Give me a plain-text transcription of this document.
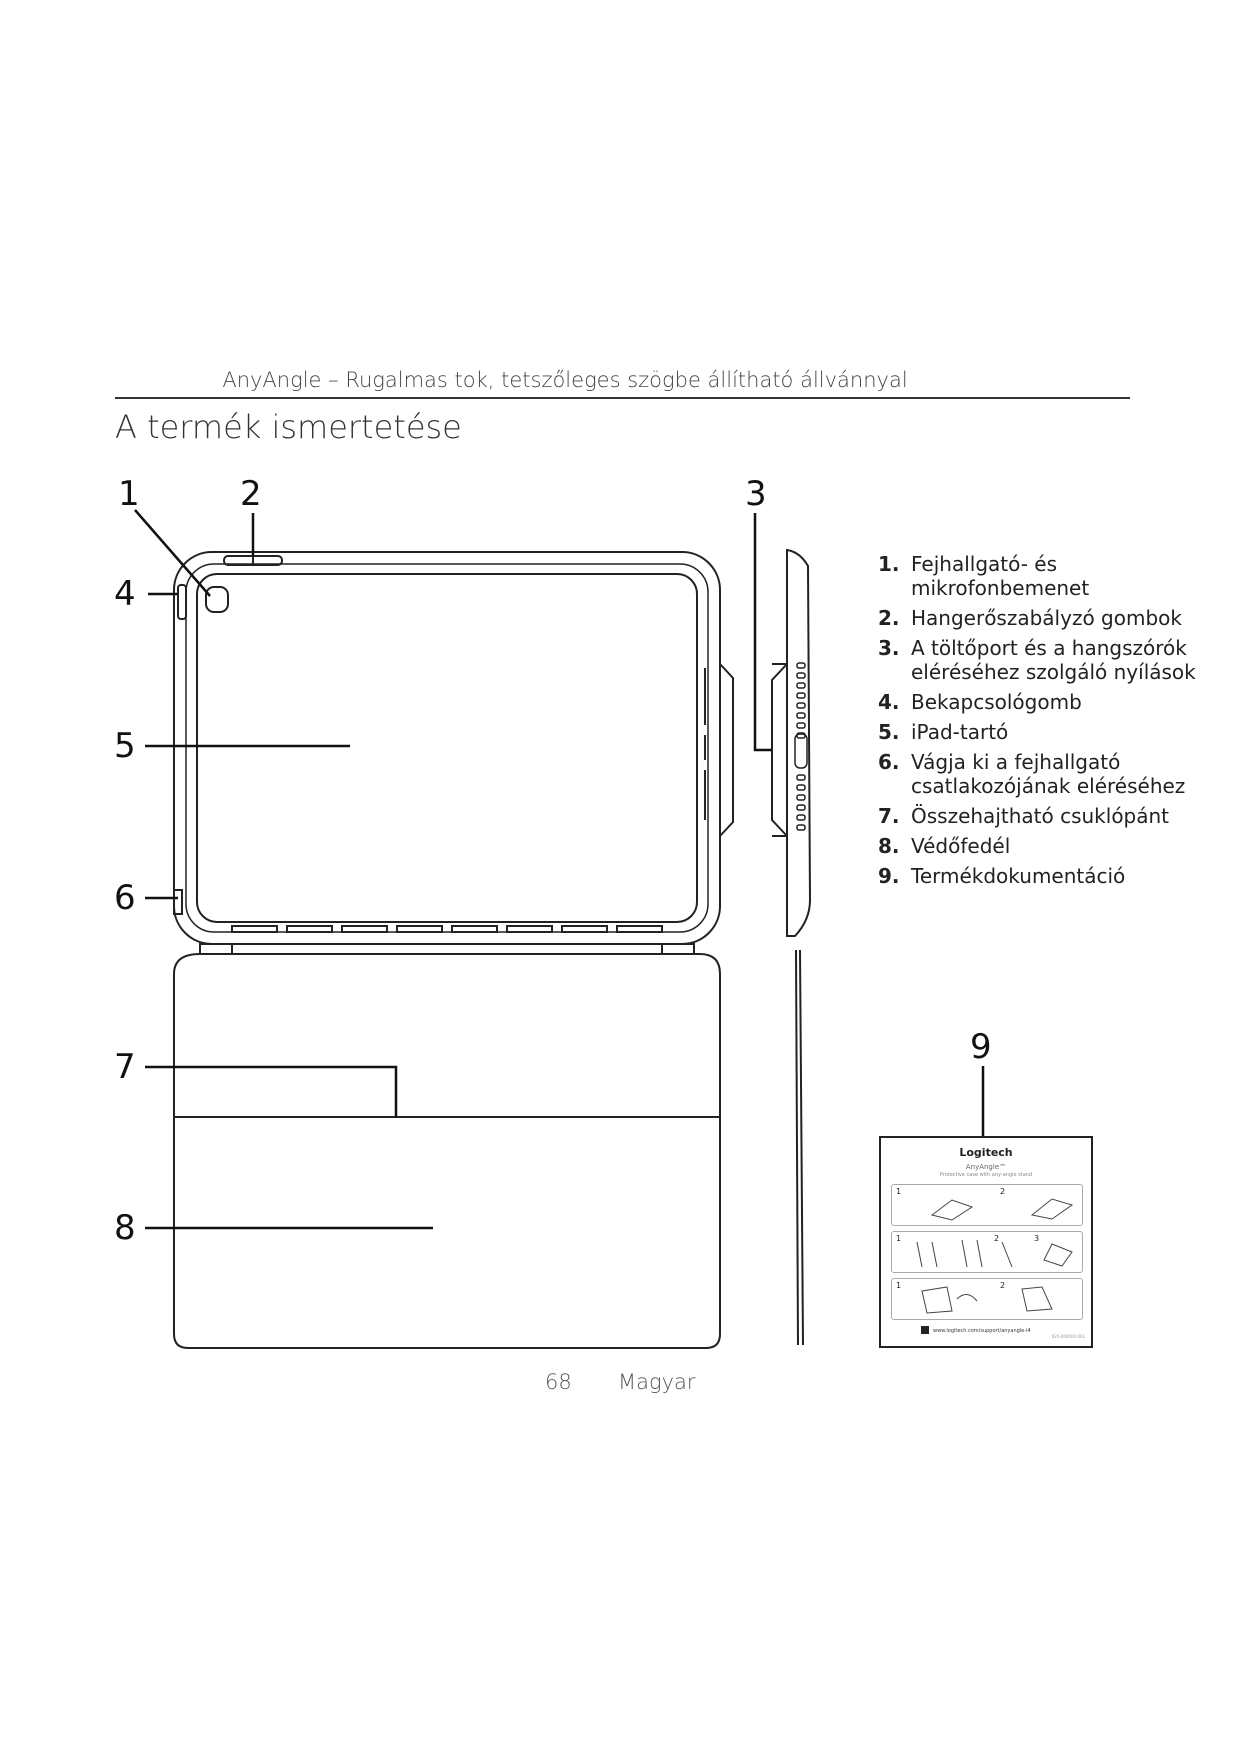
AnyAngle – Rugalmas tok, tetszőleges szögbe állítható állvánnyal
A termék ismertetése
1	2	3
4
5
6
7
8
9
1. Fejhallgató- és mikrofonbemenet
2. Hangerőszabályzó gombok
3. A töltőport és a hangszórók eléréséhez szolgáló nyílások
4. Bekapcsológomb
5. iPad-tartó
6. Vágja ki a fejhallgató csatlakozójának eléréséhez
7. Összehajtható csuklópánt
8. Védőfedél
9. Termékdokumentáció
Logitech
AnyAngle™
Protective case with any-angle stand
1	2
1	2	3
1	2
www.logitech.com/support/anyangle-i4
620-000000.002
68 Magyar
